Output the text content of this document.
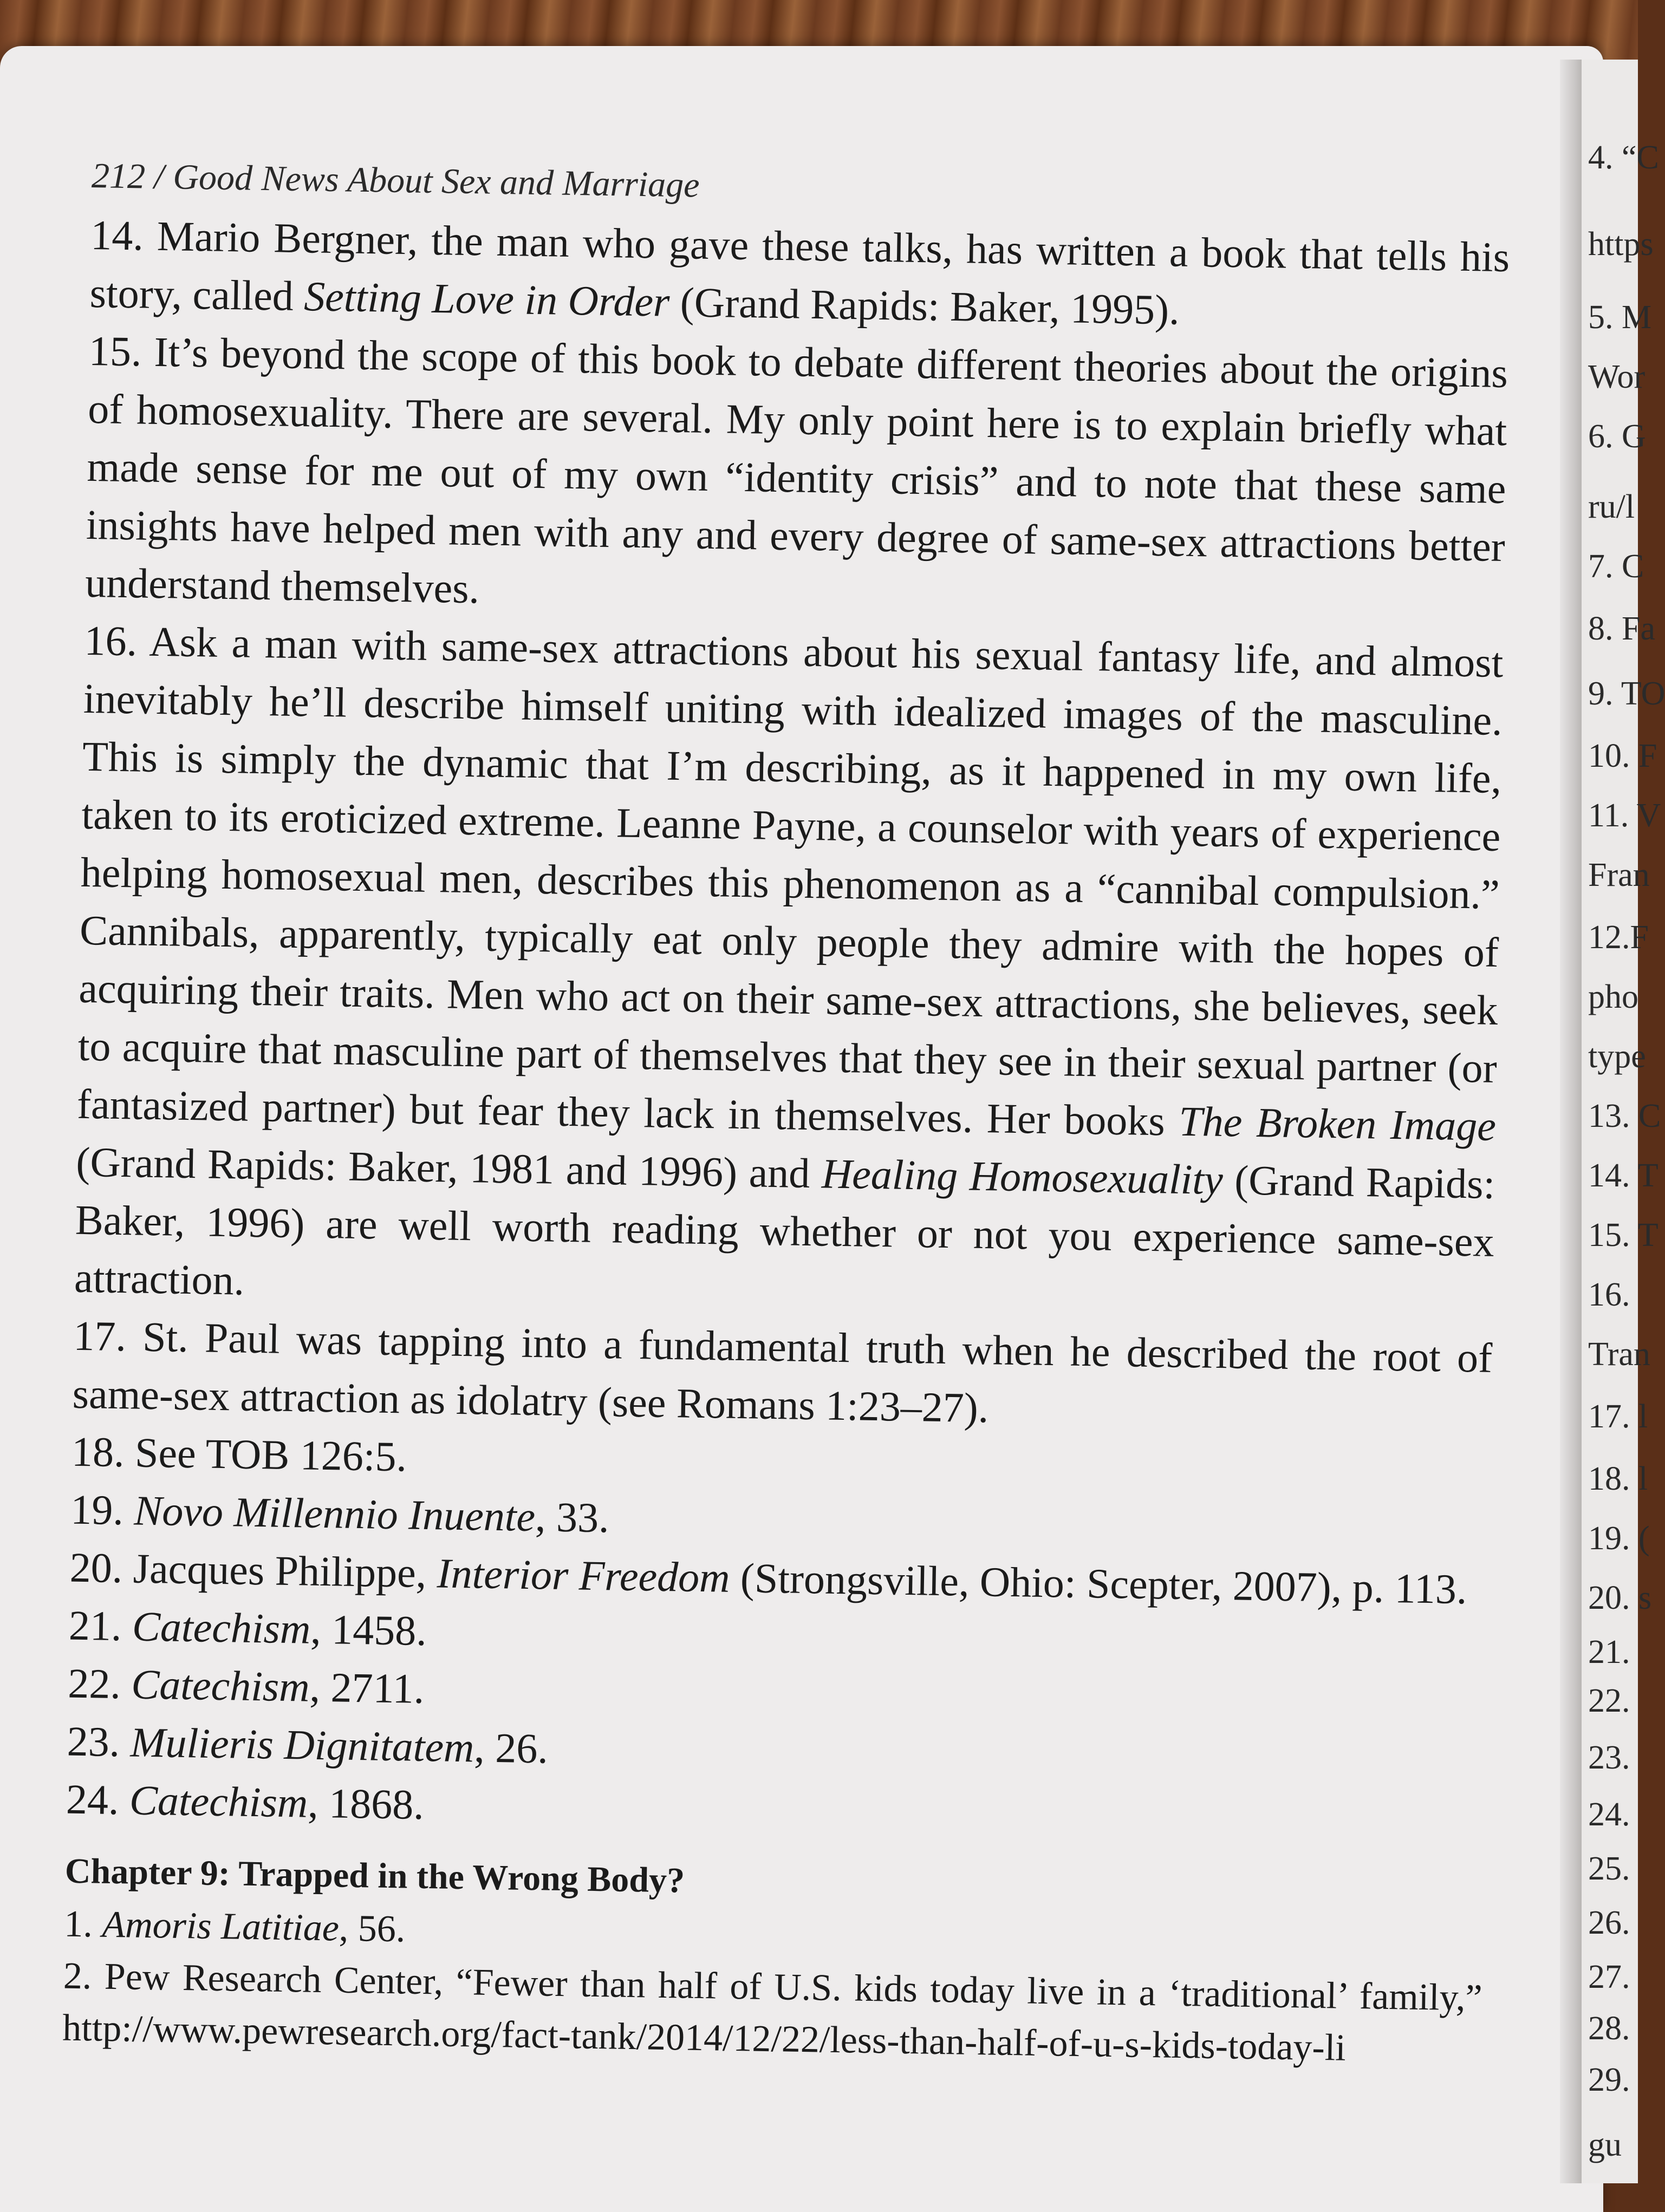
4. “C
https
5. M
Wor
6. G
ru/l
7. C
8. Fa
9. TO
10. F
11. V
Fran
12.F
pho
type
13. C
14. T
15. T
16.
Tran
17. l
18. l
19. (
20. s
21.
22.
23.
24.
25.
26.
27.
28.
29.
gu
212 / Good News About Sex and Marriage

14. Mario Bergner, the man who gave these talks, has written a book that tells his story, called Setting Love in Order (Grand Rapids: Baker, 1995).

15. It’s beyond the scope of this book to debate different theories about the origins of homosexuality. There are several. My only point here is to explain briefly what made sense for me out of my own “identity crisis” and to note that these same insights have helped men with any and every degree of same-sex attractions better understand themselves.

16. Ask a man with same-sex attractions about his sexual fantasy life, and almost inevitably he’ll describe himself uniting with idealized images of the masculine. This is simply the dynamic that I’m describing, as it happened in my own life, taken to its eroticized extreme. Leanne Payne, a counselor with years of experience helping homosexual men, describes this phenomenon as a “cannibal compulsion.” Cannibals, apparently, typically eat only people they admire with the hopes of acquiring their traits. Men who act on their same-sex attractions, she believes, seek to acquire that masculine part of themselves that they see in their sexual partner (or fantasized partner) but fear they lack in themselves. Her books The Broken Image (Grand Rapids: Baker, 1981 and 1996) and Healing Homosexuality (Grand Rapids: Baker, 1996) are well worth reading whether or not you experience same-sex attraction.

17. St. Paul was tapping into a fundamental truth when he described the root of same-sex attraction as idolatry (see Romans 1:23–27).

18. See TOB 126:5.

19. Novo Millennio Inuente, 33.

20. Jacques Philippe, Interior Freedom (Strongsville, Ohio: Scepter, 2007), p. 113.

21. Catechism, 1458.

22. Catechism, 2711.

23. Mulieris Dignitatem, 26.

24. Catechism, 1868.

Chapter 9: Trapped in the Wrong Body?

1. Amoris Latitiae, 56.

2. Pew Research Center, “Fewer than half of U.S. kids today live in a ‘traditional’ family,” http://www.pewresearch.org/fact-tank/2014/12/22/less-than-half-of-u-s-kids-today-li
